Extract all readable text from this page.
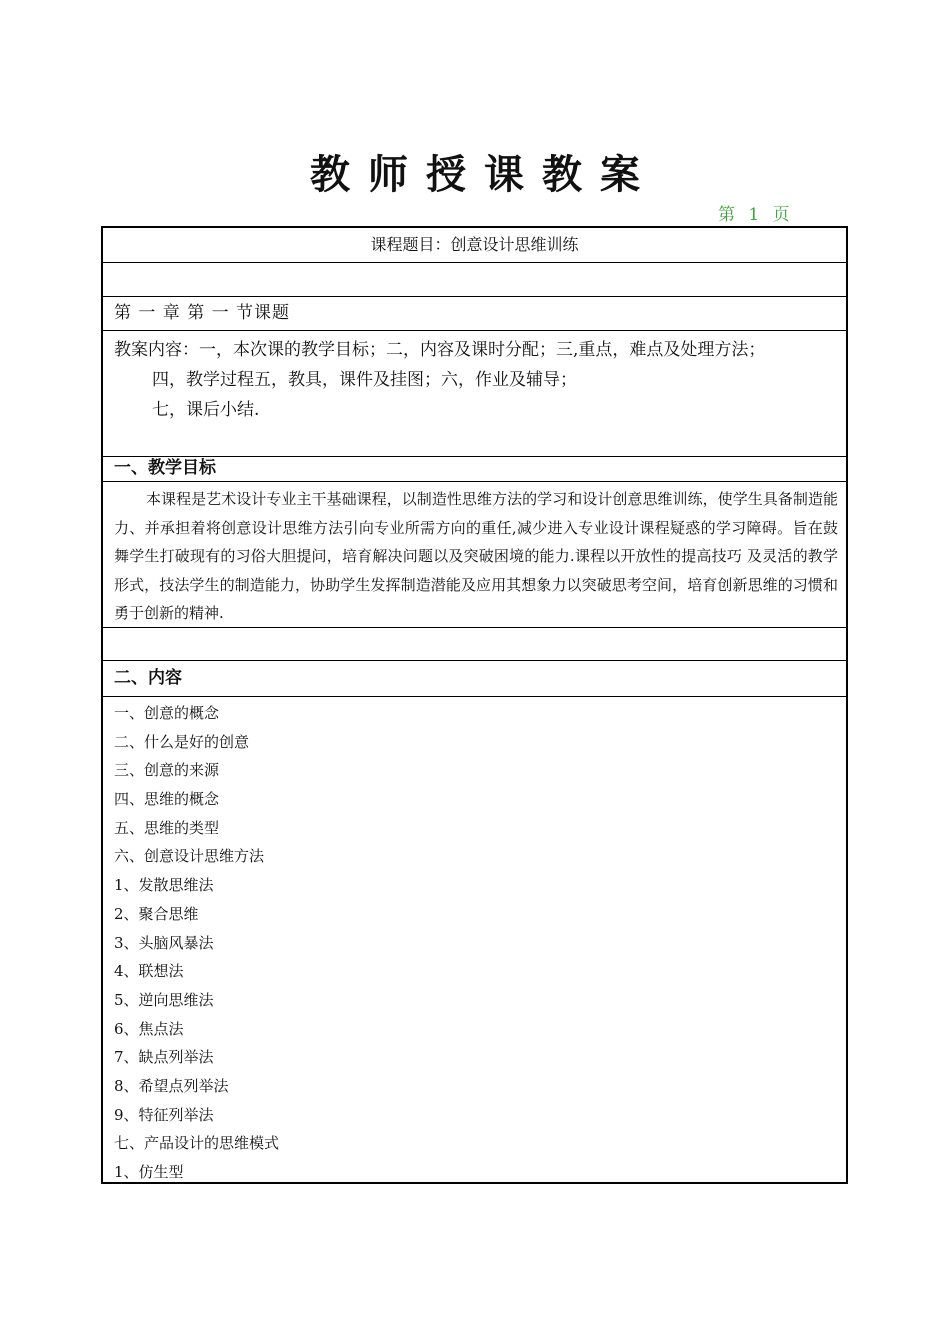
教师授课教案
第 1 页
课程题目：创意设计思维训练
第 一 章 第 一 节课题

教案内容：一，本次课的教学目标；二，内容及课时分配；三,重点，难点及处理方法；

四，教学过程五，教具，课件及挂图；六，作业及辅导；

七，课后小结.

一、教学目标
本课程是艺术设计专业主干基础课程，以制造性思维方法的学习和设计创意思维训练，使学生具备制造能力、并承担着将创意设计思维方法引向专业所需方向的重任,减少进入专业设计课程疑惑的学习障碍。旨在鼓舞学生打破现有的习俗大胆提问，培育解决问题以及突破困境的能力.课程以开放性的提高技巧 及灵活的教学形式，技法学生的制造能力，协助学生发挥制造潜能及应用其想象力以突破思考空间，培育创新思维的习惯和勇于创新的精神.
二、内容
一、创意的概念
二、什么是好的创意
三、创意的来源
四、思维的概念
五、思维的类型
六、创意设计思维方法
1、发散思维法
2、聚合思维
3、头脑风暴法
4、联想法
5、逆向思维法
6、焦点法
7、缺点列举法
8、希望点列举法
9、特征列举法
七、产品设计的思维模式
1、仿生型
